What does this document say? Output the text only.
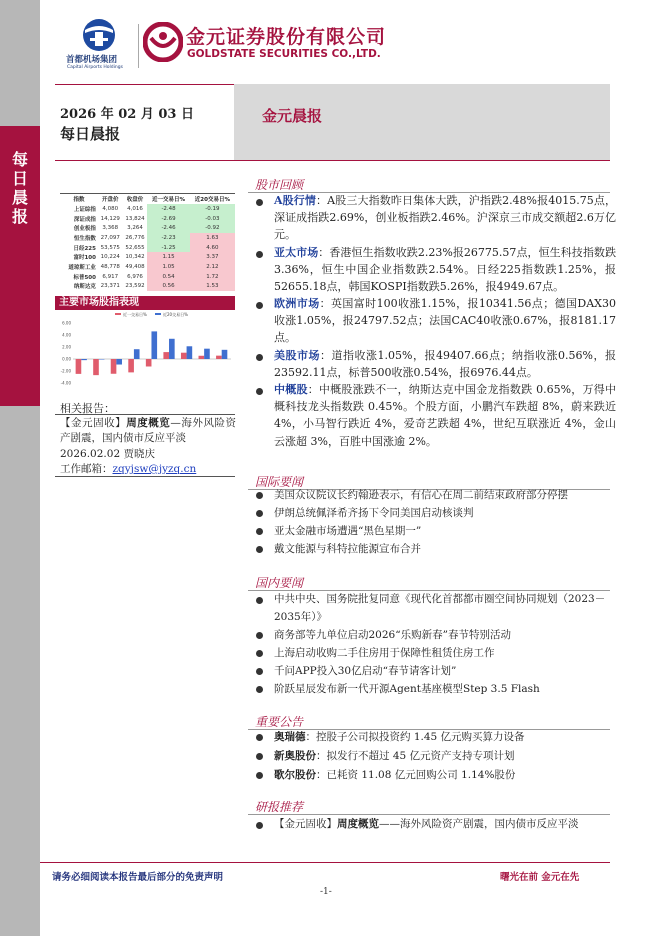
每日晨报
首都机场集团
Capital Airports Holdings
金元证券股份有限公司
GOLDSTATE SECURITIES CO.,LTD.
2026 年 02 月 03 日
每日晨报
金元晨报
指数	开盘价	收盘价	近一交易日%	近20交易日%
上证综指	4,080	4,016	-2.48	-0.19
深证成指	14,129	13,824	-2.69	-0.03
创业板指	3,368	3,264	-2.46	-0.92
恒生指数	27,097	26,776	-2.23	1.63
日经225	53,575	52,655	-1.25	4.60
富时100	10,224	10,342	1.15	3.37
道琼斯工业	48,778	49,408	1.05	2.12
标普500	6,917	6,976	0.54	1.72
纳斯达克	23,371	23,592	0.56	1.53
主要市场股指表现
6.00
4.00
2.00
0.00
-2.00
-4.00
近一交易日%	近20交易日%
相关报告：
【金元固收】周度概览—海外风险资产剧震，国内债市反应平淡
2026.02.02 贾晓庆
工作邮箱：zqyjsw@jyzq.cn
股市回顾
A股行情：A股三大指数昨日集体大跌，沪指跌2.48%报4015.75点，深证成指跌2.69%，创业板指跌2.46%。沪深京三市成交额超2.6万亿元。
亚太市场：香港恒生指数收跌2.23%报26775.57点，恒生科技指数跌3.36%，恒生中国企业指数跌2.54%。日经225指数跌1.25%，报52655.18点，韩国KOSPI指数跌5.26%，报4949.67点。
欧洲市场：英国富时100收涨1.15%，报10341.56点；德国DAX30收涨1.05%，报24797.52点；法国CAC40收涨0.67%，报8181.17点。
美股市场：道指收涨1.05%，报49407.66点；纳指收涨0.56%，报23592.11点，标普500收涨0.54%，报6976.44点。
中概股：中概股涨跌不一，纳斯达克中国金龙指数跌 0.65%，万得中概科技龙头指数跌 0.45%。个股方面，小鹏汽车跌超 8%，蔚来跌近 4%，小马智行跌近 4%，爱奇艺跌超 4%，世纪互联涨近 4%，金山云涨超 3%，百胜中国涨逾 2%。
国际要闻
美国众议院议长约翰逊表示，有信心在周二前结束政府部分停摆
伊朗总统佩泽希齐扬下令同美国启动核谈判
亚太金融市场遭遇“黑色星期一”
戴文能源与科特拉能源宣布合并
国内要闻
中共中央、国务院批复同意《现代化首都都市圈空间协同规划（2023－2035年）》
商务部等九单位启动2026“乐购新春”春节特别活动
上海启动收购二手住房用于保障性租赁住房工作
千问APP投入30亿启动“春节请客计划”
阶跃星辰发布新一代开源Agent基座模型Step 3.5 Flash
重要公告
奥瑞德：控股子公司拟投资约 1.45 亿元购买算力设备
新奥股份：拟发行不超过 45 亿元资产支持专项计划
歌尔股份：已耗资 11.08 亿元回购公司 1.14%股份
研报推荐
【金元固收】周度概览——海外风险资产剧震，国内债市反应平淡
请务必细阅读本报告最后部分的免责声明	曙光在前 金元在先
-1-
